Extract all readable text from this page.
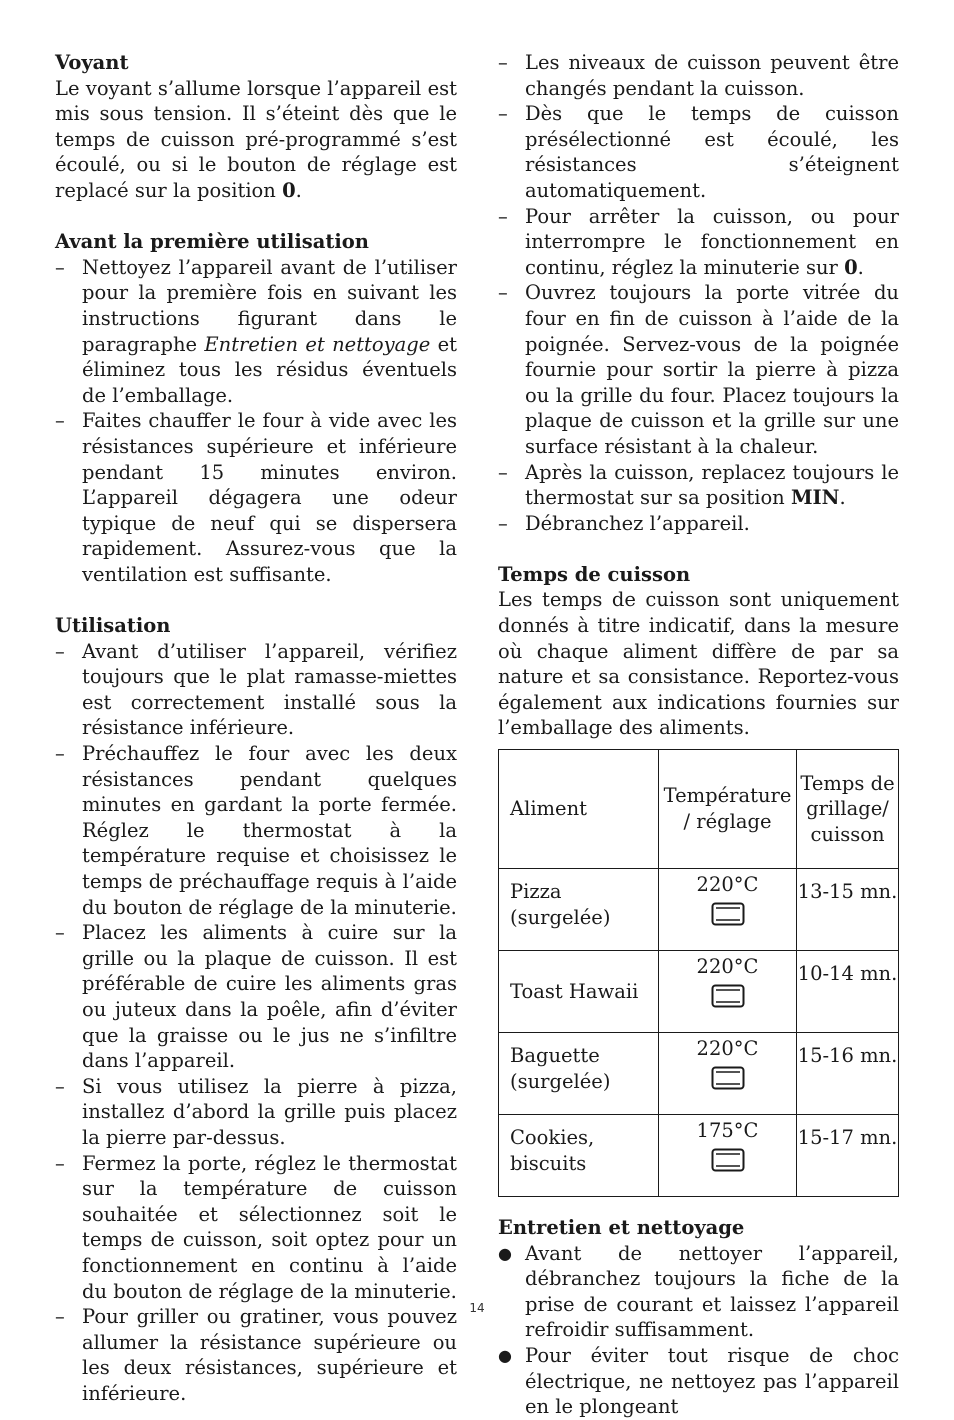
Voyant

Le voyant s’allume lorsque l’appareil est mis sous tension. Il s’éteint dès que le temps de cuisson pré-programmé s’est écoulé, ou si le bouton de réglage est replacé sur la position 0.

Avant la première utilisation
– Nettoyez l’appareil avant de l’utiliser pour la première fois en suivant les instructions figurant dans le paragraphe Entretien et nettoyage et éliminez tous les résidus éventuels de l’emballage.
– Faites chauffer le four à vide avec les résistances supérieure et inférieure pendant 15 minutes environ. L’appareil dégagera une odeur typique de neuf qui se dispersera rapidement. Assurez-vous que la ventilation est suffisante.
Utilisation
– Avant d’utiliser l’appareil, vérifiez toujours que le plat ramasse-miettes est correctement installé sous la résistance inférieure.
– Préchauffez le four avec les deux résistances pendant quelques minutes en gardant la porte fermée. Réglez le thermostat à la température requise et choisissez le temps de préchauffage requis à l’aide du bouton de réglage de la minuterie.
– Placez les aliments à cuire sur la grille ou la plaque de cuisson. Il est préférable de cuire les aliments gras ou juteux dans la poêle, afin d’éviter que la graisse ou le jus ne s’infiltre dans l’appareil.
– Si vous utilisez la pierre à pizza, installez d’abord la grille puis placez la pierre par-dessus.
– Fermez la porte, réglez le thermostat sur la température de cuisson souhaitée et sélectionnez soit le temps de cuisson, soit optez pour un fonctionnement en continu à l’aide du bouton de réglage de la minuterie.
– Pour griller ou gratiner, vous pouvez allumer la résistance supérieure ou les deux résistances, supérieure et inférieure.
– Les niveaux de cuisson peuvent être changés pendant la cuisson.
– Dès que le temps de cuisson présélectionné est écoulé, les résistances s’éteignent automatiquement.
– Pour arrêter la cuisson, ou pour interrompre le fonctionnement en continu, réglez la minuterie sur 0.
– Ouvrez toujours la porte vitrée du four en fin de cuisson à l’aide de la poignée. Servez-vous de la poignée fournie pour sortir la pierre à pizza ou la grille du four. Placez toujours la plaque de cuisson et la grille sur une surface résistant à la chaleur.
– Après la cuisson, replacez toujours le thermostat sur sa position MIN.
– Débranchez l’appareil.
Temps de cuisson

Les temps de cuisson sont uniquement donnés à titre indicatif, dans la mesure où chaque aliment diffère de par sa nature et sa consistance. Reportez-vous également aux indications fournies sur l’emballage des aliments.

Aliment	Température / réglage	Temps de grillage/ cuisson
Pizza (surgelée)	220°C	13-15 mn.
Toast Hawaii	220°C	10-14 mn.
Baguette (surgelée)	220°C	15-16 mn.
Cookies, biscuits	175°C	15-17 mn.
Entretien et nettoyage
● Avant de nettoyer l’appareil, débranchez toujours la fiche de la prise de courant et laissez l’appareil refroidir suffisamment.
● Pour éviter tout risque de choc électrique, ne nettoyez pas l’appareil en le plongeant
14
